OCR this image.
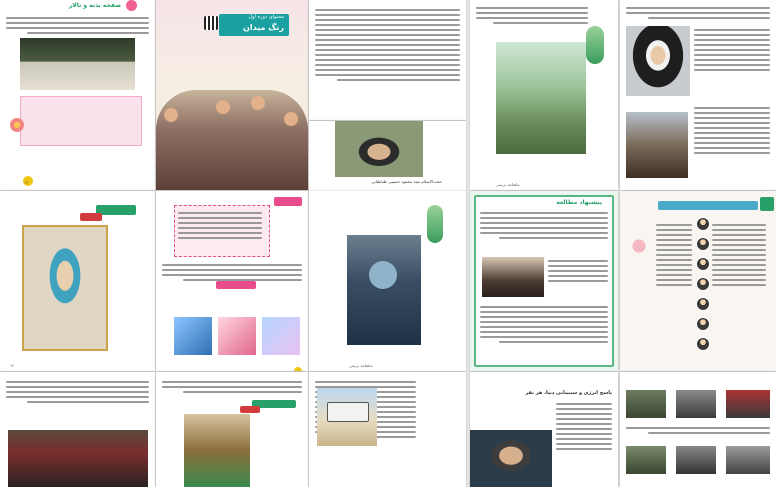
صفحه بدنه و تالار
۱۳
محتوای دوره اول
رنگ میدان
حجت‌الاسلام سید محمود حسینی طباطبایی
ماهنامه تربیتی
۱۲	ماهنامه تربیتی
پیشنهاد مطالعه
پاسخ انرژی و سینمایی دنیا، هر نفر
